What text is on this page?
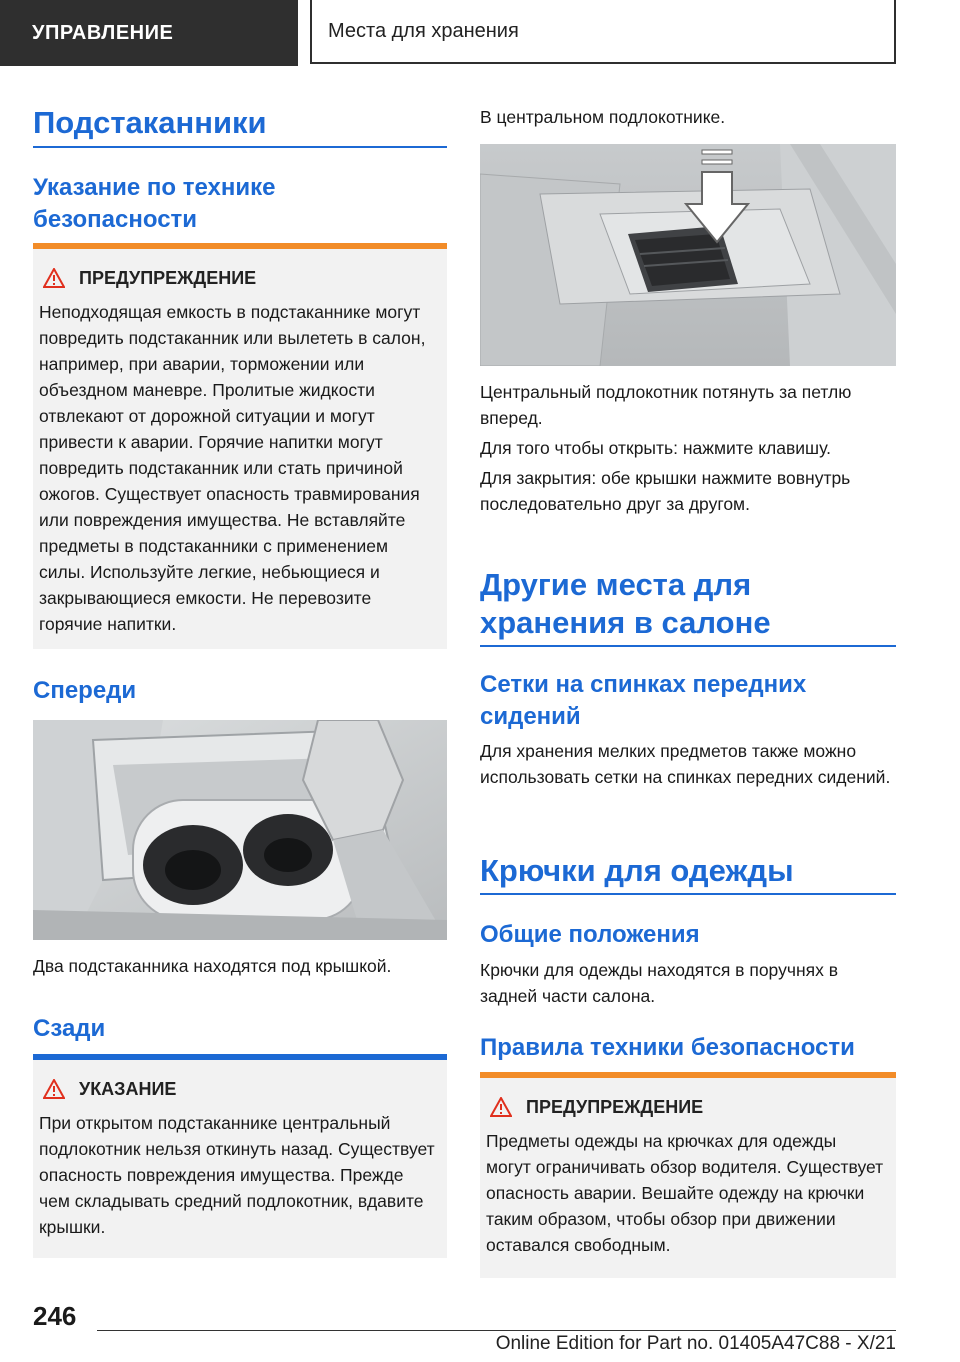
УПРАВЛЕНИЕ	Места для хранения
Подстаканники
Указание по технике безопасности
ПРЕДУПРЕЖДЕНИЕ
Неподходящая емкость в подстаканнике могут повредить подстаканник или вылететь в салон, например, при аварии, торможении или объездном маневре. Пролитые жидкости отвлекают от дорожной ситуации и могут привести к аварии. Горячие напитки могут повредить подстаканник или стать причиной ожогов. Существует опасность травмирования или повреждения имущества. Не вставляйте предметы в подстаканники с применением силы. Используйте легкие, небьющиеся и закрывающиеся емкости. Не перевозите горячие напитки.
Спереди
Два подстаканника находятся под крышкой.
Сзади
УКАЗАНИЕ
При открытом подстаканнике центральный подлокотник нельзя откинуть назад. Существует опасность повреждения имущества. Прежде чем складывать средний подлокотник, вдавите крышки.
В центральном подлокотнике.
Центральный подлокотник потянуть за петлю вперед.
Для того чтобы открыть: нажмите клавишу.
Для закрытия: обе крышки нажмите вовнутрь последовательно друг за другом.
Другие места для хранения в салоне
Сетки на спинках передних сидений
Для хранения мелких предметов также можно использовать сетки на спинках передних сидений.
Крючки для одежды
Общие положения
Крючки для одежды находятся в поручнях в задней части салона.
Правила техники безопасности
ПРЕДУПРЕЖДЕНИЕ
Предметы одежды на крючках для одежды могут ограничивать обзор водителя. Существует опасность аварии. Вешайте одежду на крючки таким образом, чтобы обзор при движении оставался свободным.
246
Online Edition for Part no. 01405A47C88 - X/21
